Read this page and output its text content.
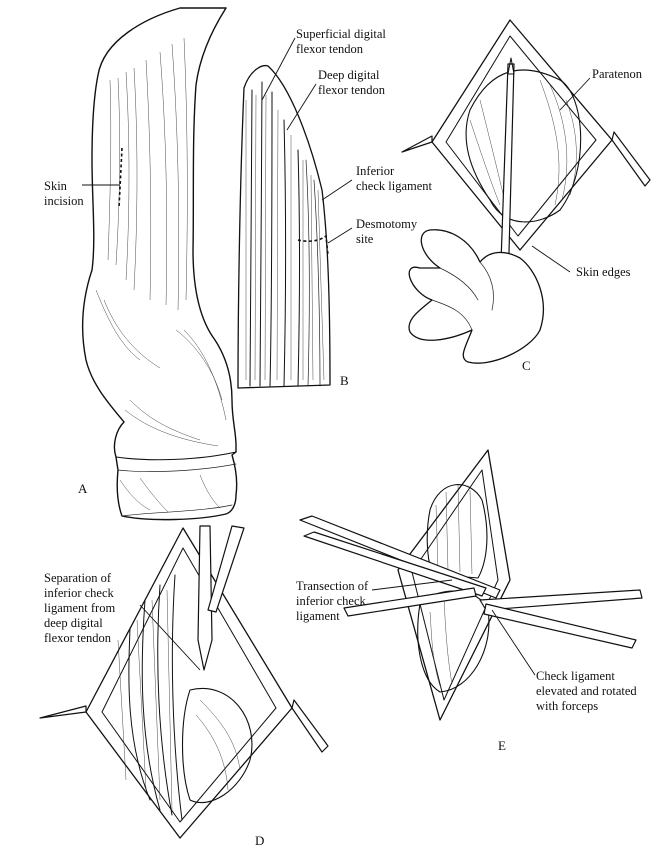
Skin
incision
A
Superficial digital
flexor tendon
Deep digital
flexor tendon
Inferior
check ligament
Desmotomy
site
B
Paratenon
Skin edges
C
Separation of
inferior check
ligament from
deep digital
flexor tendon
D
Transection of
inferior check
ligament
Check ligament
elevated and rotated
with forceps
E
